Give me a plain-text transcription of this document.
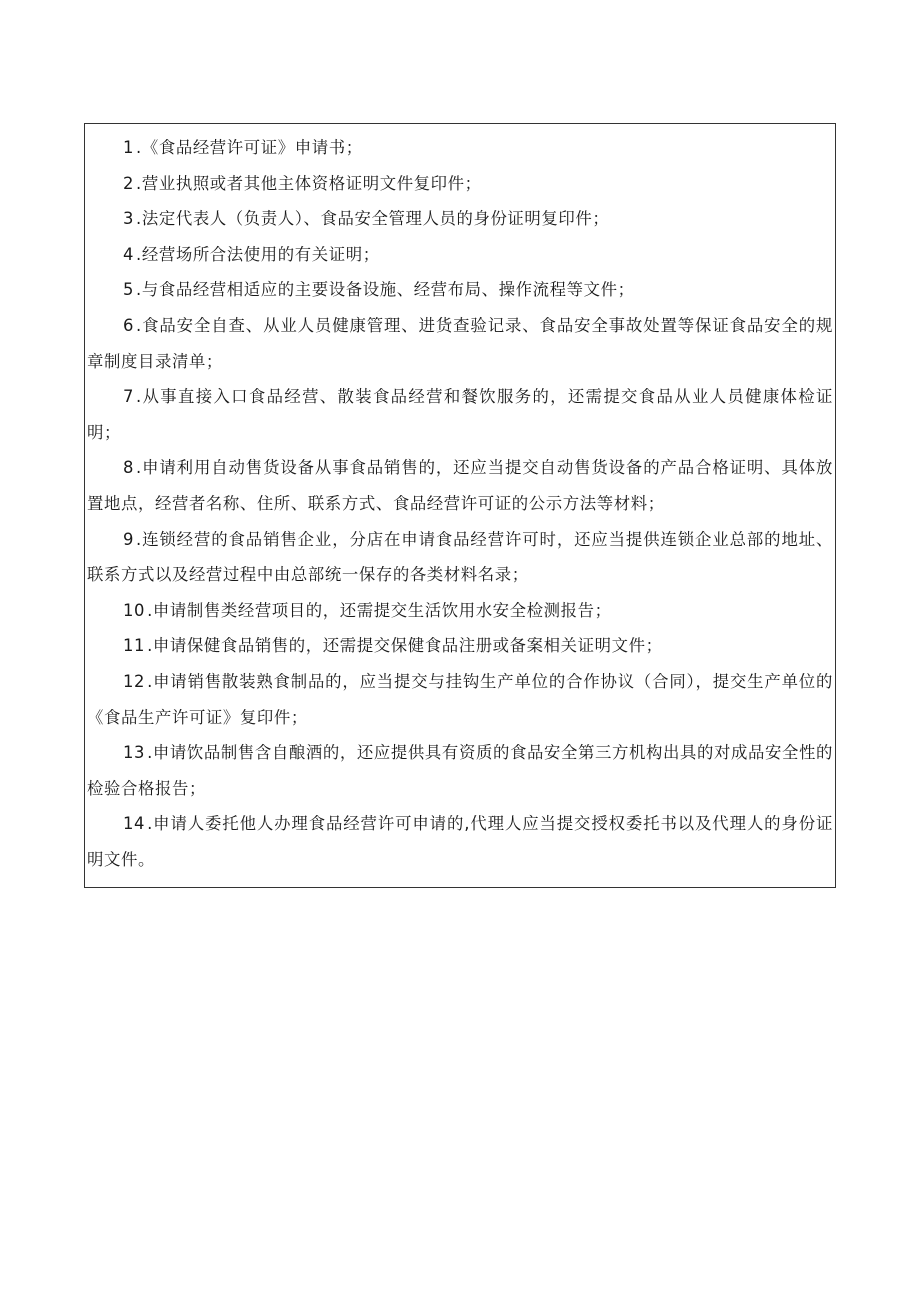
1 .《食品经营许可证》申请书；
2 .营业执照或者其他主体资格证明文件复印件；
3 .法定代表人（负责人）、食品安全管理人员的身份证明复印件；
4 .经营场所合法使用的有关证明；
5 .与食品经营相适应的主要设备设施、经营布局、操作流程等文件；
6 .食品安全自查、从业人员健康管理、进货查验记录、食品安全事故处置等保证食品安全的规章制度目录清单；
7 .从事直接入口食品经营、散装食品经营和餐饮服务的，还需提交食品从业人员健康体检证明；
8 .申请利用自动售货设备从事食品销售的，还应当提交自动售货设备的产品合格证明、具体放置地点，经营者名称、住所、联系方式、食品经营许可证的公示方法等材料；
9 .连锁经营的食品销售企业，分店在申请食品经营许可时，还应当提供连锁企业总部的地址、联系方式以及经营过程中由总部统一保存的各类材料名录；
10 .申请制售类经营项目的，还需提交生活饮用水安全检测报告；
11 .申请保健食品销售的，还需提交保健食品注册或备案相关证明文件；
12 .申请销售散装熟食制品的，应当提交与挂钩生产单位的合作协议（合同），提交生产单位的《食品生产许可证》复印件；
13 .申请饮品制售含自酿酒的，还应提供具有资质的食品安全第三方机构出具的对成品安全性的检验合格报告；
14 .申请人委托他人办理食品经营许可申请的,代理人应当提交授权委托书以及代理人的身份证明文件。
